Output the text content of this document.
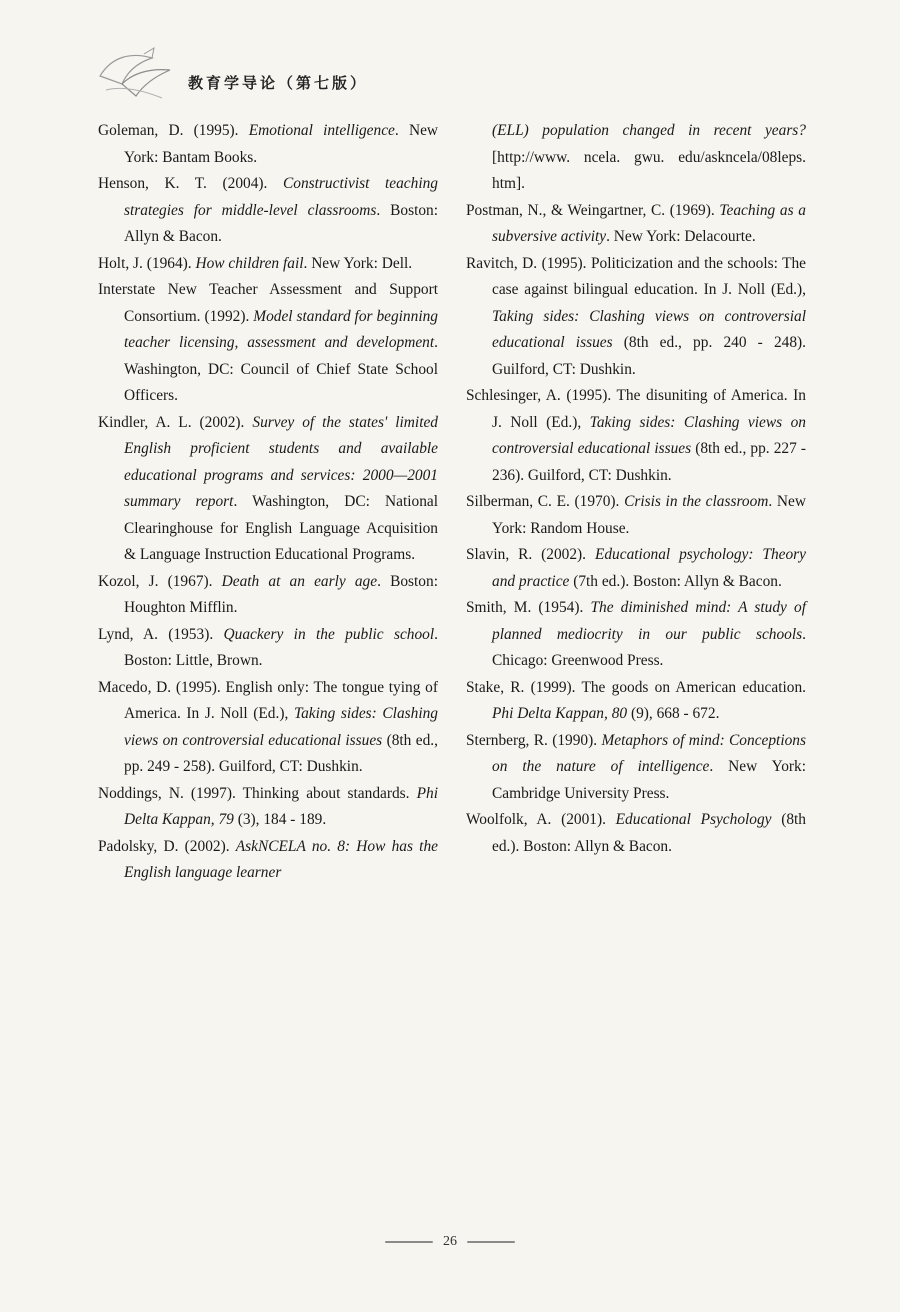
教育学导论（第七版）

Goleman, D. (1995). Emotional intelligence. New York: Bantam Books.

Henson, K. T. (2004). Constructivist teaching strategies for middle-level classrooms. Boston: Allyn & Bacon.

Holt, J. (1964). How children fail. New York: Dell.

Interstate New Teacher Assessment and Support Consortium. (1992). Model standard for beginning teacher licensing, assessment and development. Washington, DC: Council of Chief State School Officers.

Kindler, A. L. (2002). Survey of the states' limited English proficient students and available educational programs and services: 2000—2001 summary report. Washington, DC: National Clearinghouse for English Language Acquisition & Language Instruction Educational Programs.

Kozol, J. (1967). Death at an early age. Boston: Houghton Mifflin.

Lynd, A. (1953). Quackery in the public school. Boston: Little, Brown.

Macedo, D. (1995). English only: The tongue tying of America. In J. Noll (Ed.), Taking sides: Clashing views on controversial educational issues (8th ed., pp. 249 - 258). Guilford, CT: Dushkin.

Noddings, N. (1997). Thinking about standards. Phi Delta Kappan, 79 (3), 184 - 189.

Padolsky, D. (2002). AskNCELA no. 8: How has the English language learner

(ELL) population changed in recent years? [http://www. ncela. gwu. edu/askncela/08leps. htm].

Postman, N., & Weingartner, C. (1969). Teaching as a subversive activity. New York: Delacourte.

Ravitch, D. (1995). Politicization and the schools: The case against bilingual education. In J. Noll (Ed.), Taking sides: Clashing views on controversial educational issues (8th ed., pp. 240 - 248). Guilford, CT: Dushkin.

Schlesinger, A. (1995). The disuniting of America. In J. Noll (Ed.), Taking sides: Clashing views on controversial educational issues (8th ed., pp. 227 - 236). Guilford, CT: Dushkin.

Silberman, C. E. (1970). Crisis in the classroom. New York: Random House.

Slavin, R. (2002). Educational psychology: Theory and practice (7th ed.). Boston: Allyn & Bacon.

Smith, M. (1954). The diminished mind: A study of planned mediocrity in our public schools. Chicago: Greenwood Press.

Stake, R. (1999). The goods on American education. Phi Delta Kappan, 80 (9), 668 - 672.

Sternberg, R. (1990). Metaphors of mind: Conceptions on the nature of intelligence. New York: Cambridge University Press.

Woolfolk, A. (2001). Educational Psychology (8th ed.). Boston: Allyn & Bacon.

26
